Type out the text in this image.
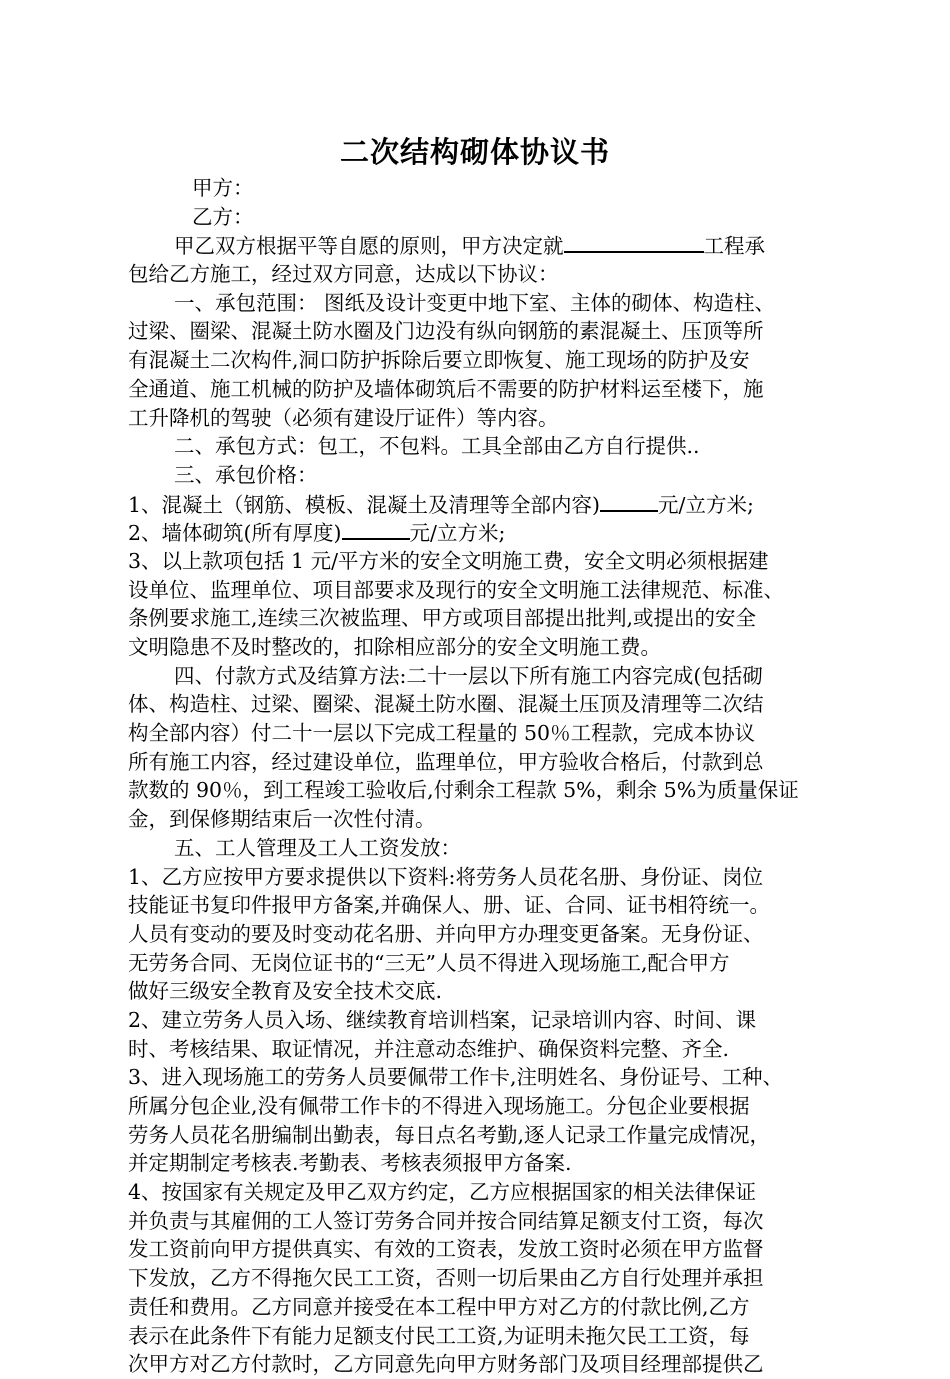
二次结构砌体协议书
甲方：
乙方：
甲乙双方根据平等自愿的原则，甲方决定就	工程承
包给乙方施工，经过双方同意，达成以下协议：
一、承包范围： 图纸及设计变更中地下室、主体的砌体、构造柱、
过梁、圈梁、混凝土防水圈及门边没有纵向钢筋的素混凝土、压顶等所
有混凝土二次构件,洞口防护拆除后要立即恢复、施工现场的防护及安
全通道、施工机械的防护及墙体砌筑后不需要的防护材料运至楼下，施
工升降机的驾驶（必须有建设厅证件）等内容。
二、承包方式：包工，不包料。工具全部由乙方自行提供..
三、承包价格：
1、混凝土（钢筋、模板、混凝土及清理等全部内容)	元/立方米;
2、墙体砌筑(所有厚度)	元/立方米;
3、以上款项包括 1 元/平方米的安全文明施工费，安全文明必须根据建
设单位、监理单位、项目部要求及现行的安全文明施工法律规范、标准、
条例要求施工,连续三次被监理、甲方或项目部提出批判,或提出的安全
文明隐患不及时整改的，扣除相应部分的安全文明施工费。
四、付款方式及结算方法:二十一层以下所有施工内容完成(包括砌
体、构造柱、过梁、圈梁、混凝土防水圈、混凝土压顶及清理等二次结
构全部内容）付二十一层以下完成工程量的 50％工程款，完成本协议
所有施工内容，经过建设单位，监理单位，甲方验收合格后，付款到总
款数的 90％，到工程竣工验收后,付剩余工程款 5%，剩余 5%为质量保证
金，到保修期结束后一次性付清。
五、工人管理及工人工资发放：
1、乙方应按甲方要求提供以下资料:将劳务人员花名册、身份证、岗位
技能证书复印件报甲方备案,并确保人、册、证、合同、证书相符统一。
人员有变动的要及时变动花名册、并向甲方办理变更备案。无身份证、
无劳务合同、无岗位证书的“三无”人员不得进入现场施工,配合甲方
做好三级安全教育及安全技术交底.
2、建立劳务人员入场、继续教育培训档案，记录培训内容、时间、课
时、考核结果、取证情况，并注意动态维护、确保资料完整、齐全.
3、进入现场施工的劳务人员要佩带工作卡,注明姓名、身份证号、工种、
所属分包企业,没有佩带工作卡的不得进入现场施工。分包企业要根据
劳务人员花名册编制出勤表，每日点名考勤,逐人记录工作量完成情况，
并定期制定考核表.考勤表、考核表须报甲方备案.
4、按国家有关规定及甲乙双方约定，乙方应根据国家的相关法律保证
并负责与其雇佣的工人签订劳务合同并按合同结算足额支付工资，每次
发工资前向甲方提供真实、有效的工资表，发放工资时必须在甲方监督
下发放，乙方不得拖欠民工工资，否则一切后果由乙方自行处理并承担
责任和费用。乙方同意并接受在本工程中甲方对乙方的付款比例,乙方
表示在此条件下有能力足额支付民工工资,为证明未拖欠民工工资，每
次甲方对乙方付款时，乙方同意先向甲方财务部门及项目经理部提供乙
